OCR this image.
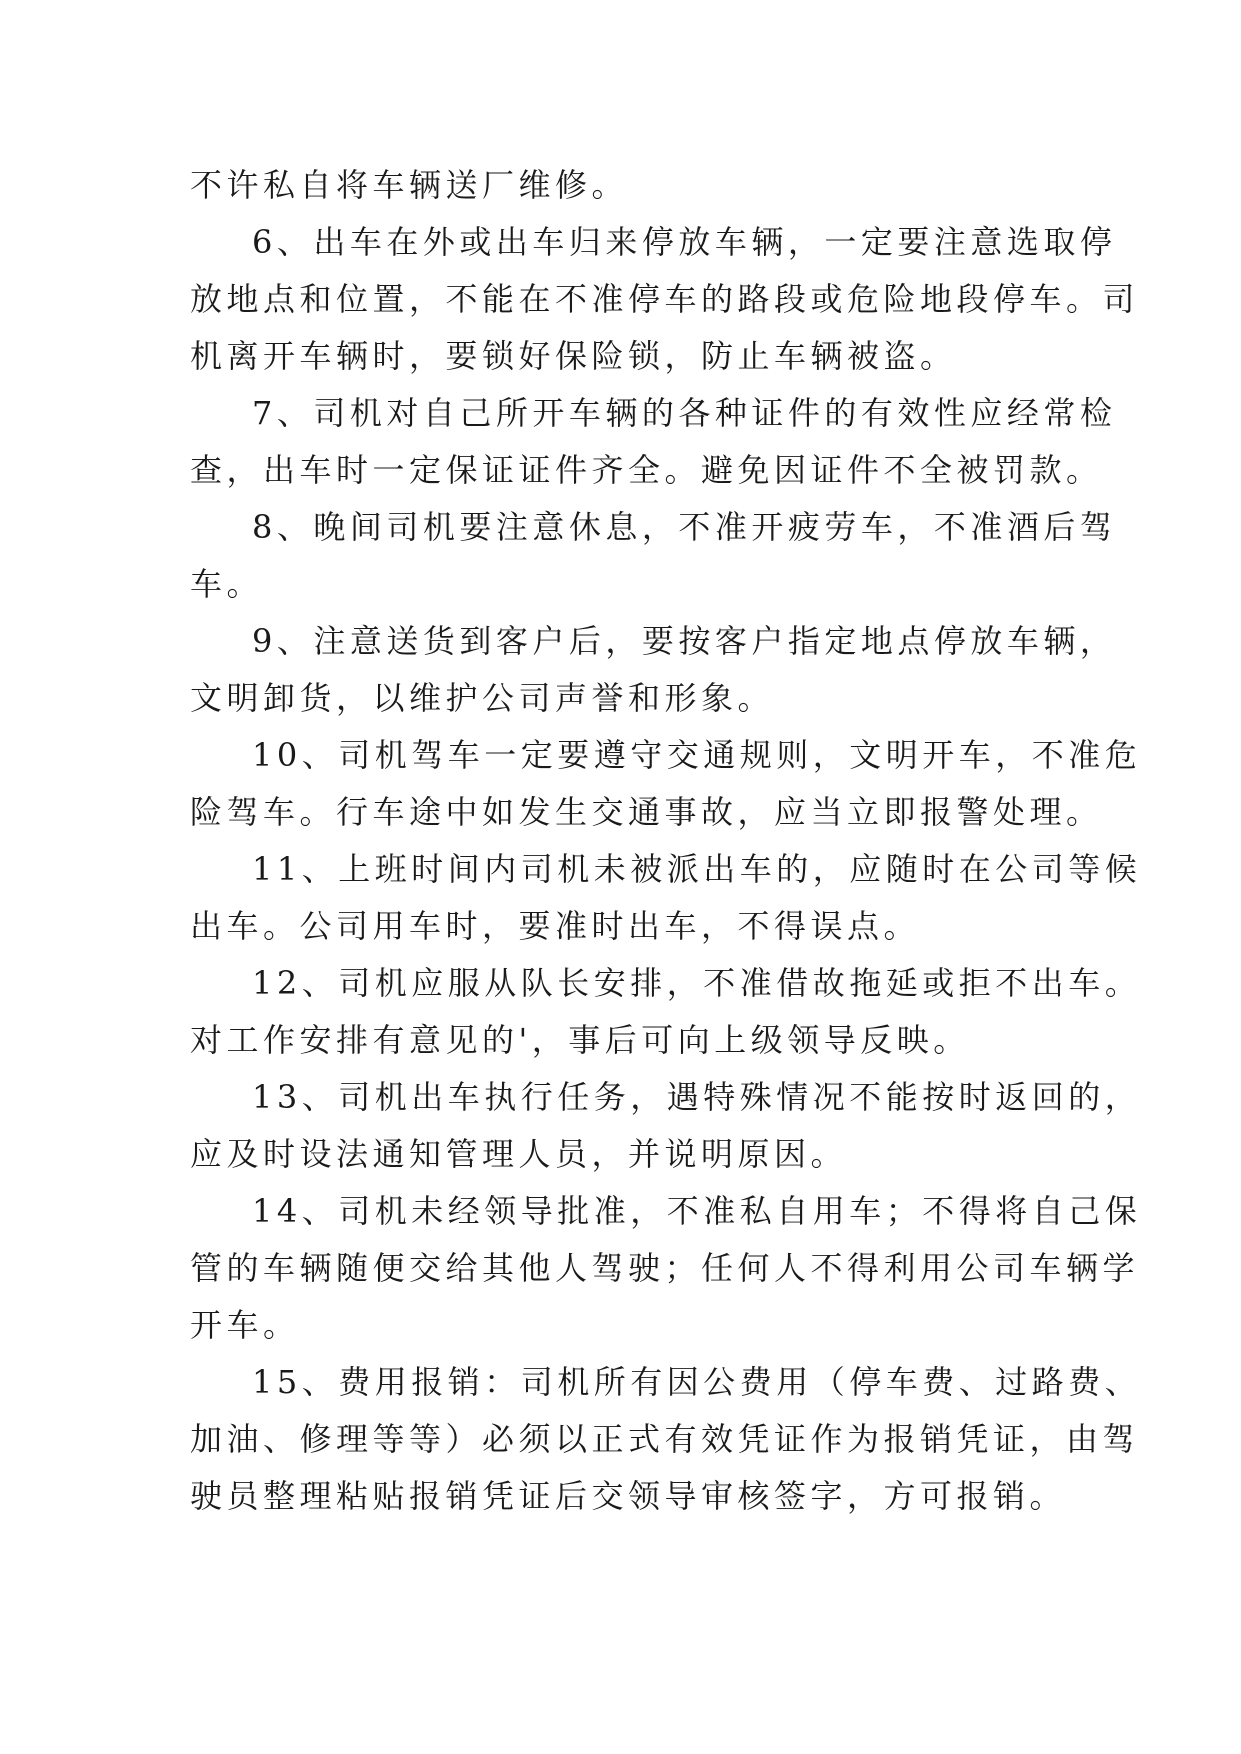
不许私自将车辆送厂维修。
6、出车在外或出车归来停放车辆，一定要注意选取停
放地点和位置，不能在不准停车的路段或危险地段停车。司
机离开车辆时，要锁好保险锁，防止车辆被盗。
7、司机对自己所开车辆的各种证件的有效性应经常检
查，出车时一定保证证件齐全。避免因证件不全被罚款。
8、晚间司机要注意休息，不准开疲劳车，不准酒后驾
车。
9、注意送货到客户后，要按客户指定地点停放车辆，
文明卸货，以维护公司声誉和形象。
10、司机驾车一定要遵守交通规则，文明开车，不准危
险驾车。行车途中如发生交通事故，应当立即报警处理。
11、上班时间内司机未被派出车的，应随时在公司等候
出车。公司用车时，要准时出车，不得误点。
12、司机应服从队长安排，不准借故拖延或拒不出车。
对工作安排有意见的'，事后可向上级领导反映。
13、司机出车执行任务，遇特殊情况不能按时返回的，
应及时设法通知管理人员，并说明原因。
14、司机未经领导批准，不准私自用车；不得将自己保
管的车辆随便交给其他人驾驶；任何人不得利用公司车辆学
开车。
15、费用报销：司机所有因公费用（停车费、过路费、
加油、修理等等）必须以正式有效凭证作为报销凭证，由驾
驶员整理粘贴报销凭证后交领导审核签字，方可报销。
